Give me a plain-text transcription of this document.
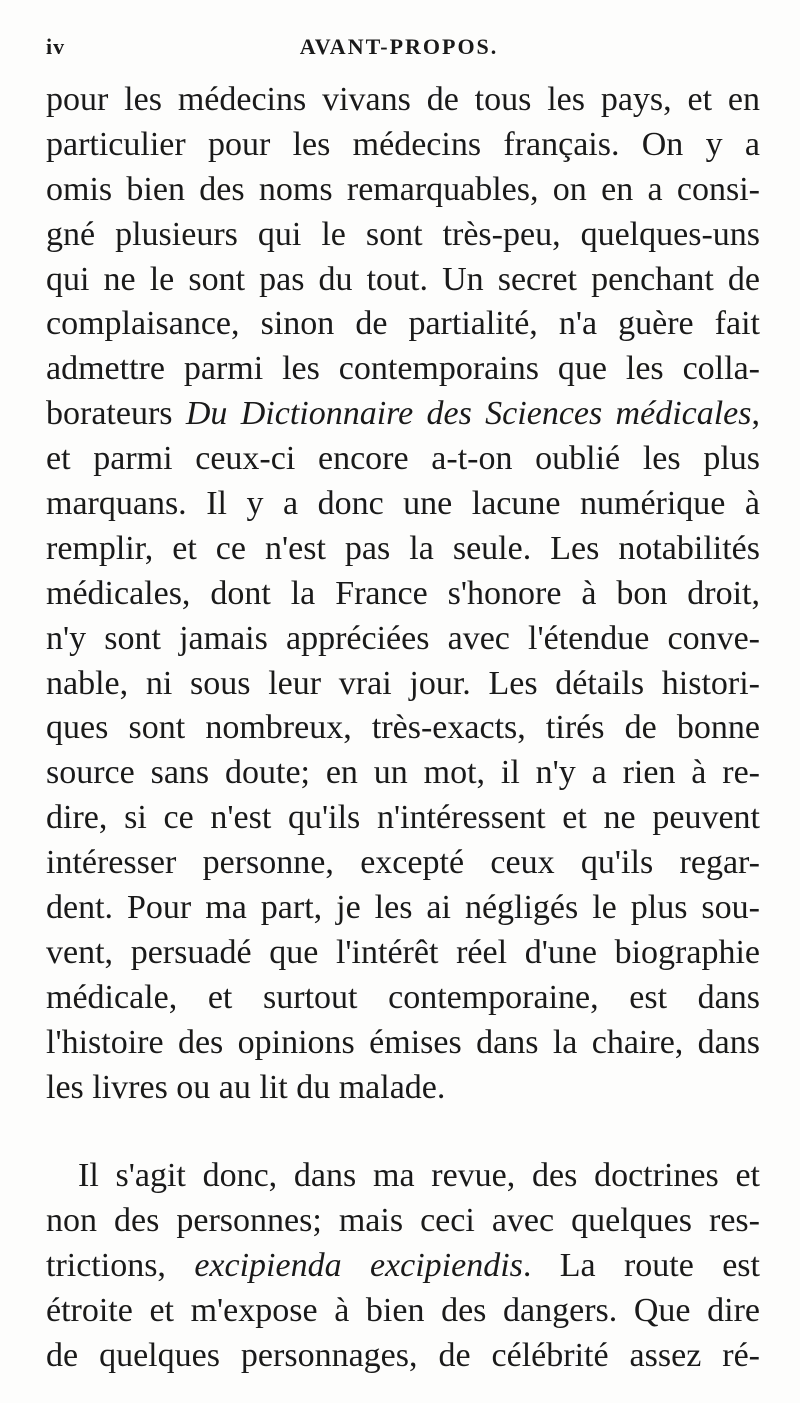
iv	AVANT-PROPOS.
pour les médecins vivans de tous les pays, et en
particulier pour les médecins français. On y a
omis bien des noms remarquables, on en a consi-
gné plusieurs qui le sont très-peu, quelques-uns
qui ne le sont pas du tout. Un secret penchant de
complaisance, sinon de partialité, n'a guère fait
admettre parmi les contemporains que les colla-
borateurs Du Dictionnaire des Sciences médicales,
et parmi ceux-ci encore a-t-on oublié les plus
marquans. Il y a donc une lacune numérique à
remplir, et ce n'est pas la seule. Les notabilités
médicales, dont la France s'honore à bon droit,
n'y sont jamais appréciées avec l'étendue conve-
nable, ni sous leur vrai jour. Les détails histori-
ques sont nombreux, très-exacts, tirés de bonne
source sans doute; en un mot, il n'y a rien à re-
dire, si ce n'est qu'ils n'intéressent et ne peuvent
intéresser personne, excepté ceux qu'ils regar-
dent. Pour ma part, je les ai négligés le plus sou-
vent, persuadé que l'intérêt réel d'une biographie
médicale, et surtout contemporaine, est dans
l'histoire des opinions émises dans la chaire, dans
les livres ou au lit du malade.
Il s'agit donc, dans ma revue, des doctrines et
non des personnes; mais ceci avec quelques res-
trictions, excipienda excipiendis. La route est
étroite et m'expose à bien des dangers. Que dire
de quelques personnages, de célébrité assez ré-
